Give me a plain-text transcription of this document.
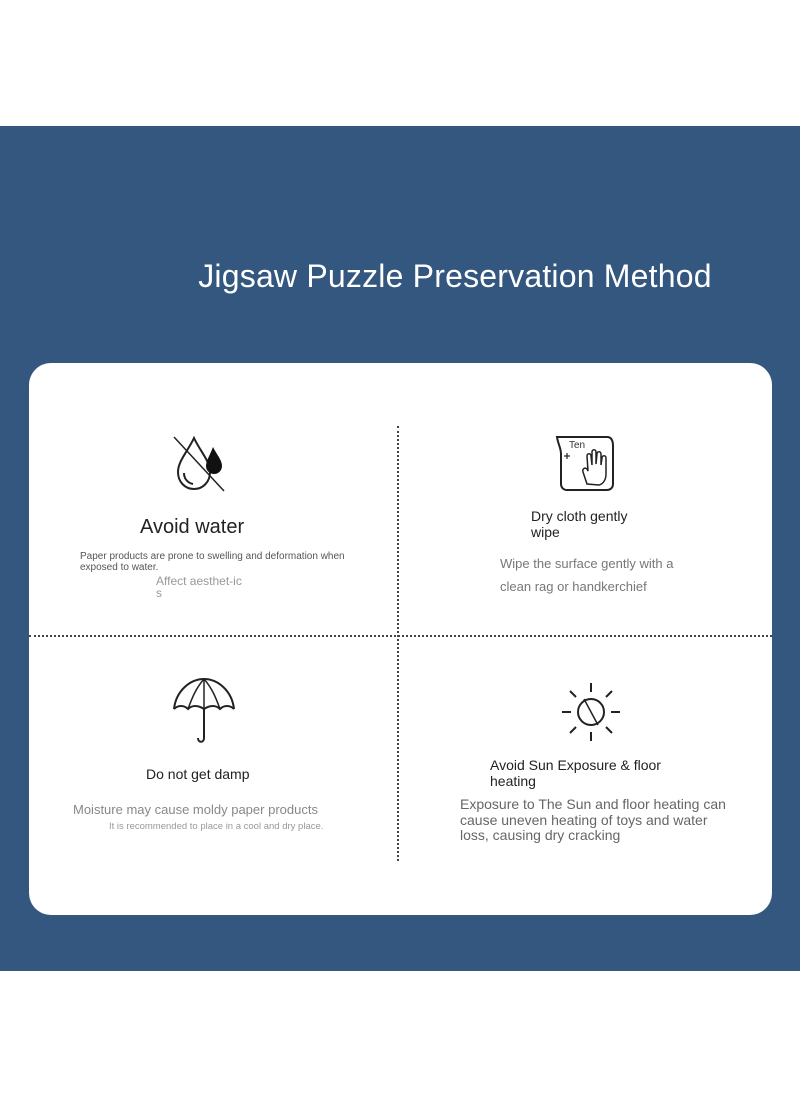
Jigsaw Puzzle Preservation Method
Avoid water
Paper products are prone to swelling and deformation when exposed to water.
Affect aesthet-ics
Ten
Dry cloth gently wipe
Wipe the surface gently with a clean rag or handkerchief
Do not get damp
Moisture may cause moldy paper products
It is recommended to place in a cool and dry place.
Avoid Sun Exposure & floor heating
Exposure to The Sun and floor heating can cause uneven heating of toys and water loss, causing dry cracking
